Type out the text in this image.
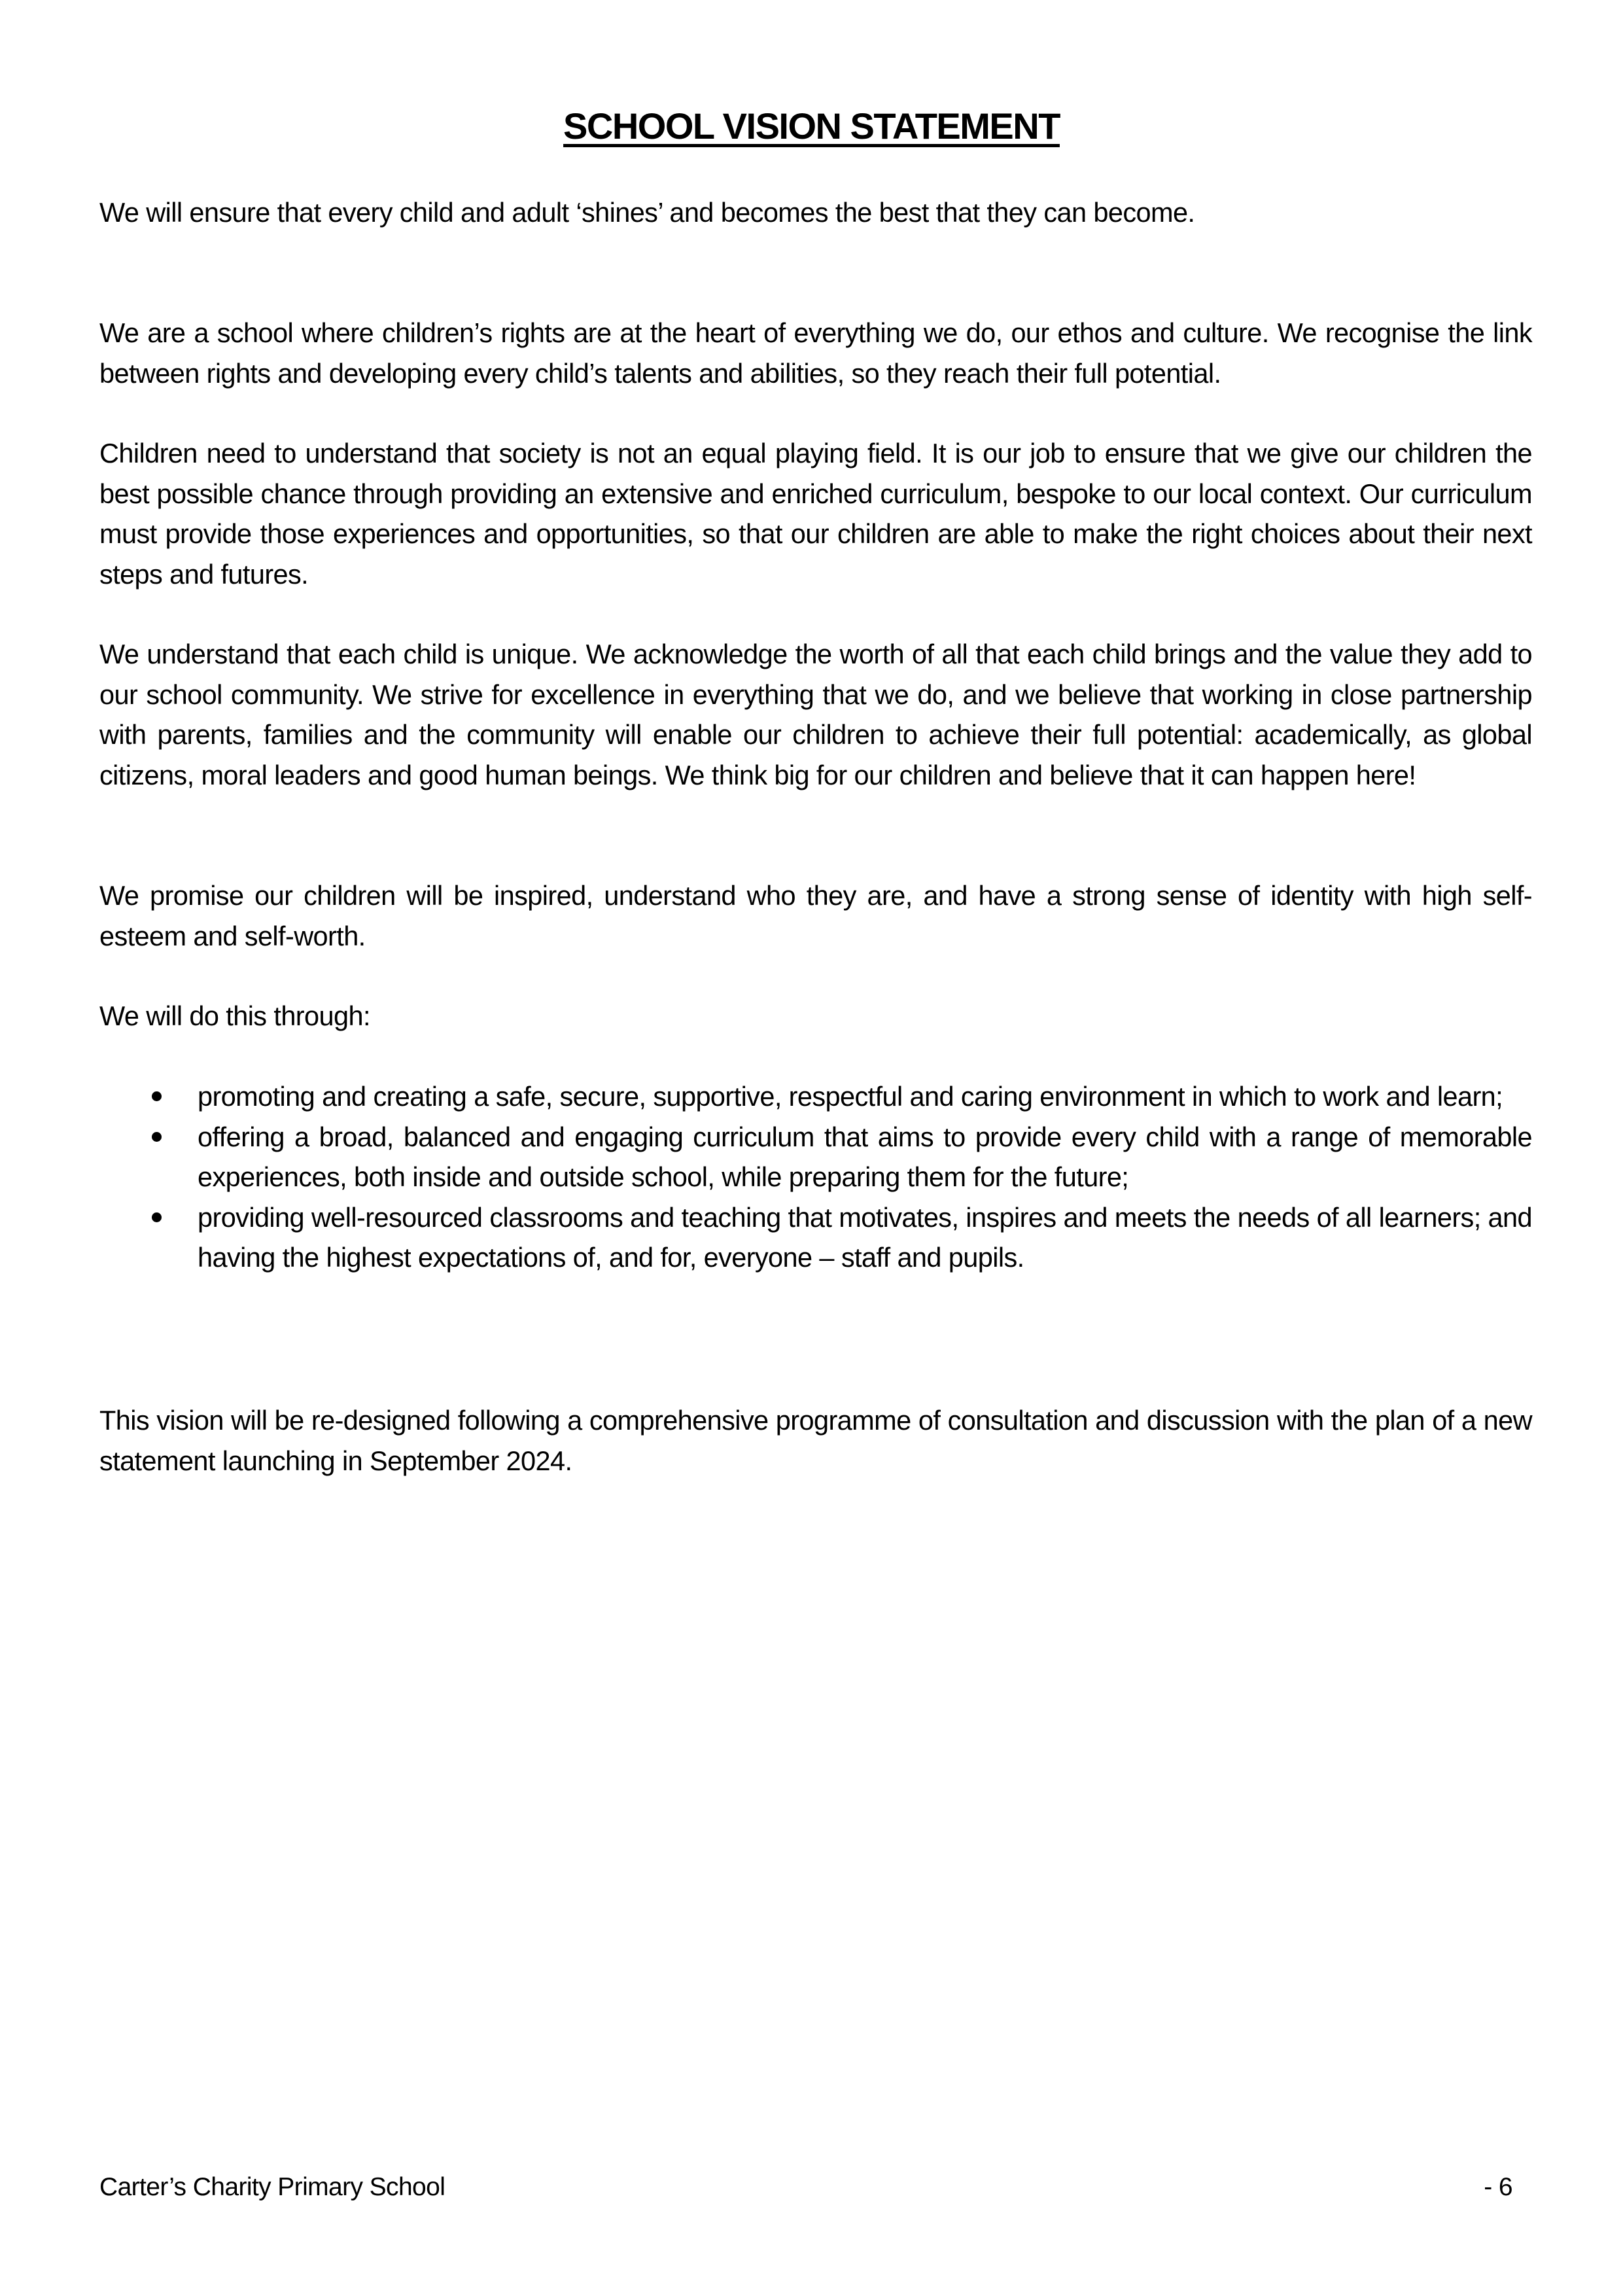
SCHOOL VISION STATEMENT

We will ensure that every child and adult ‘shines’ and becomes the best that they can become.

We are a school where children’s rights are at the heart of everything we do, our ethos and culture. We recognise the link between rights and developing every child’s talents and abilities, so they reach their full potential.

Children need to understand that society is not an equal playing field. It is our job to ensure that we give our children the best possible chance through providing an extensive and enriched curriculum, bespoke to our local context. Our curriculum must provide those experiences and opportunities, so that our children are able to make the right choices about their next steps and futures.

We understand that each child is unique. We acknowledge the worth of all that each child brings and the value they add to our school community. We strive for excellence in everything that we do, and we believe that working in close partnership with parents, families and the community will enable our children to achieve their full potential: academically, as global citizens, moral leaders and good human beings. We think big for our children and believe that it can happen here!

We promise our children will be inspired, understand who they are, and have a strong sense of identity with high self-esteem and self-worth.

We will do this through:

promoting and creating a safe, secure, supportive, respectful and caring environment in which to work and learn;
offering a broad, balanced and engaging curriculum that aims to provide every child with a range of memorable experiences, both inside and outside school, while preparing them for the future;
providing well-resourced classrooms and teaching that motivates, inspires and meets the needs of all learners; and having the highest expectations of, and for, everyone – staff and pupils.

This vision will be re-designed following a comprehensive programme of consultation and discussion with the plan of a new statement launching in September 2024.

Carter’s Charity Primary School	- 6
